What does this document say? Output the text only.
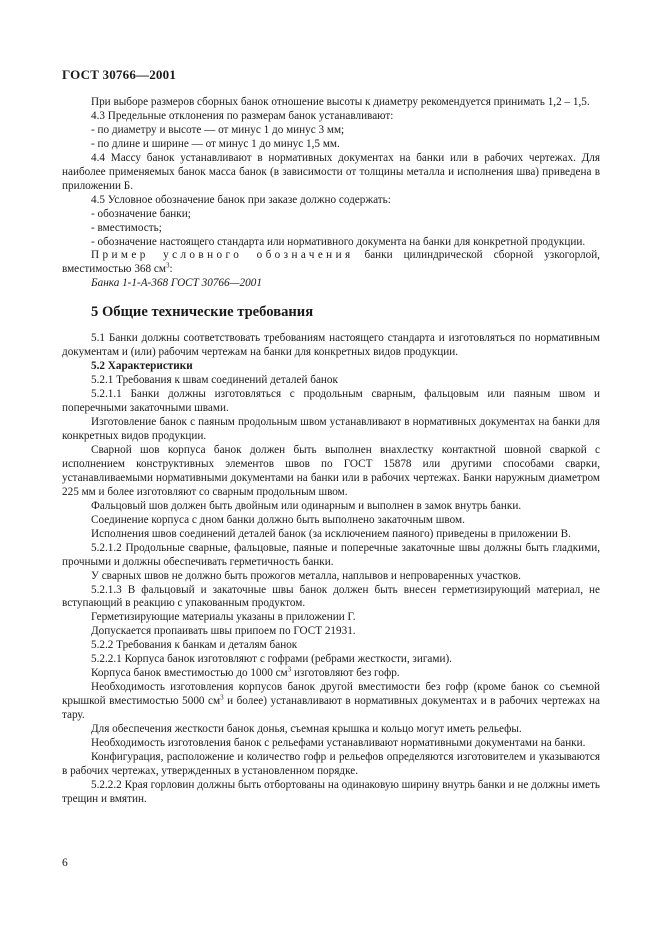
ГОСТ 30766—2001

При выборе размеров сборных банок отношение высоты к диаметру рекомендуется принимать 1,2 – 1,5.

4.3 Предельные отклонения по размерам банок устанавливают:

- по диаметру и высоте — от минус 1 до минус 3 мм;

- по длине и ширине — от минус 1 до минус 1,5 мм.

4.4 Массу банок устанавливают в нормативных документах на банки или в рабочих чертежах. Для наиболее применяемых банок масса банок (в зависимости от толщины металла и исполнения шва) приведена в приложении Б.

4.5 Условное обозначение банок при заказе должно содержать:

- обозначение банки;

- вместимость;

- обозначение настоящего стандарта или нормативного документа на банки для конкретной продукции.

Пример условного обозначения банки цилиндрической сборной узкогорлой, вместимостью 368 $см^3$:

Банка 1-1-А-368 ГОСТ 30766—2001

5 Общие технические требования

5.1 Банки должны соответствовать требованиям настоящего стандарта и изготовляться по нормативным документам и (или) рабочим чертежам на банки для конкретных видов продукции.

5.2 Характеристики

5.2.1 Требования к швам соединений деталей банок

5.2.1.1 Банки должны изготовляться с продольным сварным, фальцовым или паяным швом и поперечными закаточными швами.

Изготовление банок с паяным продольным швом устанавливают в нормативных документах на банки для конкретных видов продукции.

Сварной шов корпуса банок должен быть выполнен внахлестку контактной шовной сваркой с исполнением конструктивных элементов швов по ГОСТ 15878 или другими способами сварки, устанавливаемыми нормативными документами на банки или в рабочих чертежах. Банки наружным диаметром 225 мм и более изготовляют со сварным продольным швом.

Фальцовый шов должен быть двойным или одинарным и выполнен в замок внутрь банки.

Соединение корпуса с дном банки должно быть выполнено закаточным швом.

Исполнения швов соединений деталей банок (за исключением паяного) приведены в приложении В.

5.2.1.2 Продольные сварные, фальцовые, паяные и поперечные закаточные швы должны быть гладкими, прочными и должны обеспечивать герметичность банки.

У сварных швов не должно быть прожогов металла, наплывов и непроваренных участков.

5.2.1.3 В фальцовый и закаточные швы банок должен быть внесен герметизирующий материал, не вступающий в реакцию с упакованным продуктом.

Герметизирующие материалы указаны в приложении Г.

Допускается пропаивать швы припоем по ГОСТ 21931.

5.2.2 Требования к банкам и деталям банок

5.2.2.1 Корпуса банок изготовляют с гофрами (ребрами жесткости, зигами).

Корпуса банок вместимостью до 1000 $см^3$ изготовляют без гофр.

Необходимость изготовления корпусов банок другой вместимости без гофр (кроме банок со съемной крышкой вместимостью 5000 $см^3$ и более) устанавливают в нормативных документах и в рабочих чертежах на тару.

Для обеспечения жесткости банок донья, съемная крышка и кольцо могут иметь рельефы.

Необходимость изготовления банок с рельефами устанавливают нормативными документами на банки.

Конфигурация, расположение и количество гофр и рельефов определяются изготовителем и указываются в рабочих чертежах, утвержденных в установленном порядке.

5.2.2.2 Края горловин должны быть отбортованы на одинаковую ширину внутрь банки и не должны иметь трещин и вмятин.

6
